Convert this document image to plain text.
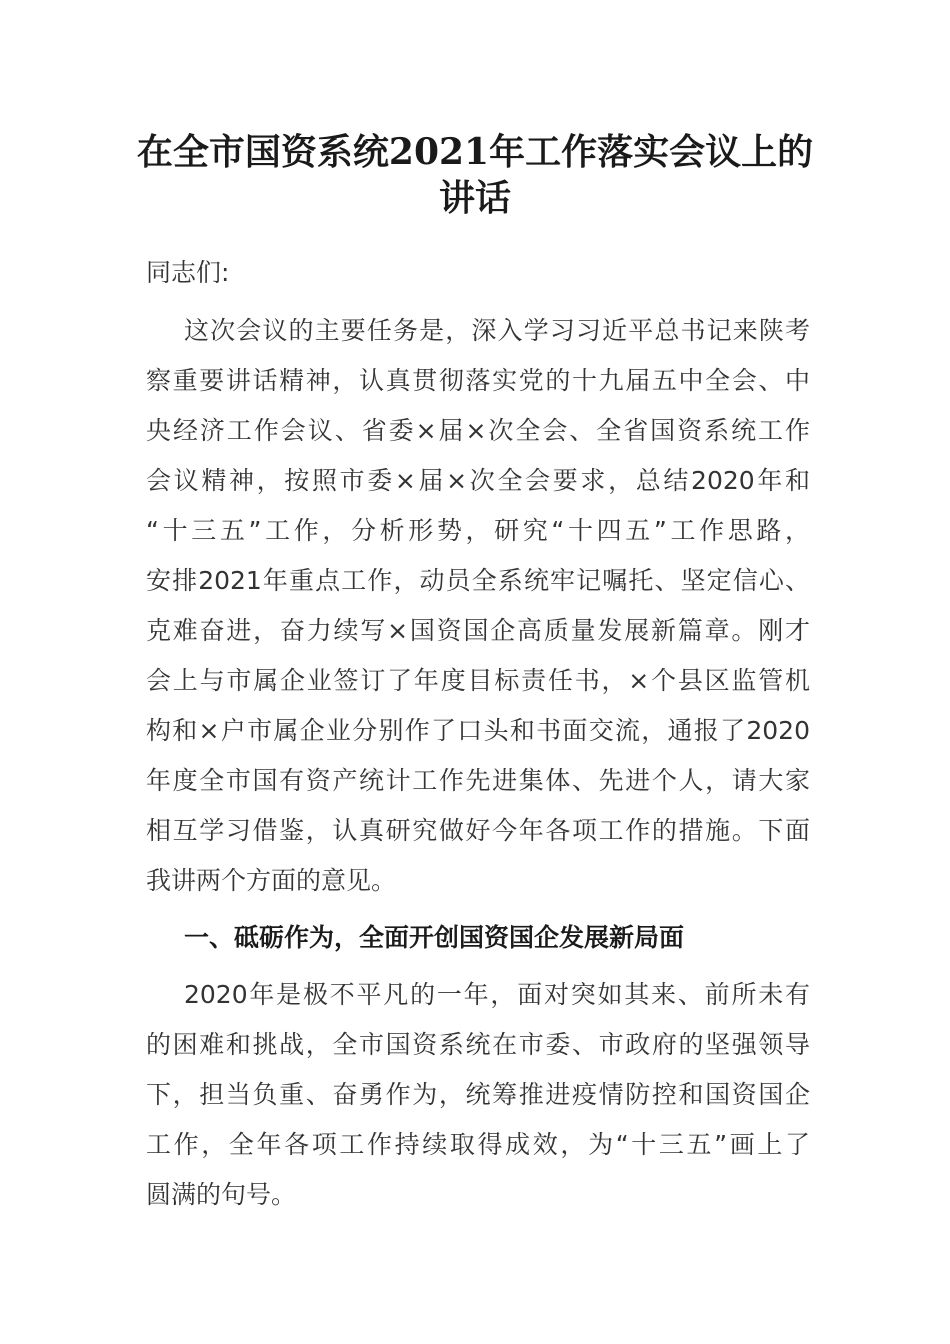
在全市国资系统2021年工作落实会议上的
讲话
同志们:
这次会议的主要任务是，深入学习习近平总书记来陕考
察重要讲话精神，认真贯彻落实党的十九届五中全会、中
央经济工作会议、省委×届×次全会、全省国资系统工作
会议精神，按照市委×届×次全会要求，总结2020年和
“十三五”工作，分析形势，研究“十四五”工作思路，
安排2021年重点工作，动员全系统牢记嘱托、坚定信心、
克难奋进，奋力续写×国资国企高质量发展新篇章。刚才
会上与市属企业签订了年度目标责任书，×个县区监管机
构和×户市属企业分别作了口头和书面交流，通报了2020
年度全市国有资产统计工作先进集体、先进个人，请大家
相互学习借鉴，认真研究做好今年各项工作的措施。下面
我讲两个方面的意见。
一、砥砺作为，全面开创国资国企发展新局面
2020年是极不平凡的一年，面对突如其来、前所未有
的困难和挑战，全市国资系统在市委、市政府的坚强领导
下，担当负重、奋勇作为，统筹推进疫情防控和国资国企
工作，全年各项工作持续取得成效，为“十三五”画上了
圆满的句号。
